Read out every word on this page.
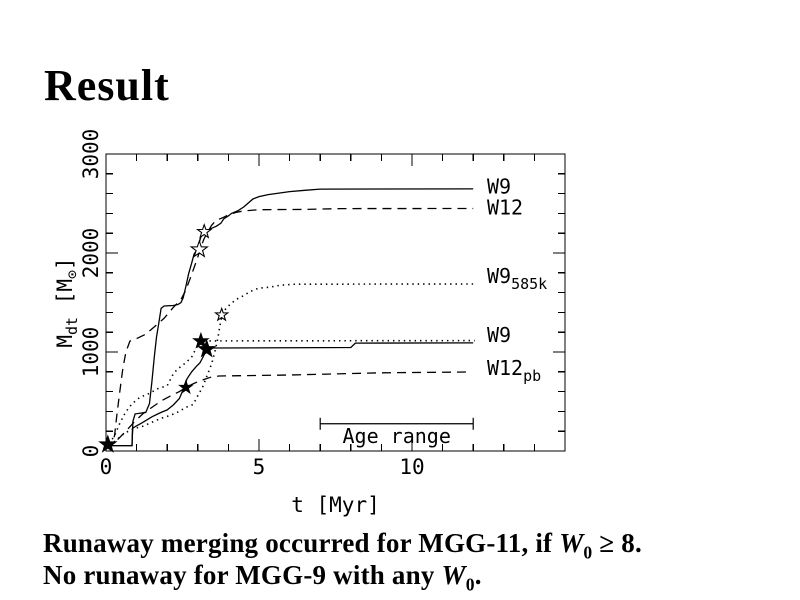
Result
0	5	10
0
1000
2000
3000
t [Myr]
$M_{dt}$ $[M_⊙]$
Age range
W9
W12
$W9_{585k}$
W9
$W12_{pb}$
Runaway merging occurred for MGG-11, if $W_0 \ge 8$.
No runaway for MGG-9 with any $W_0$.
